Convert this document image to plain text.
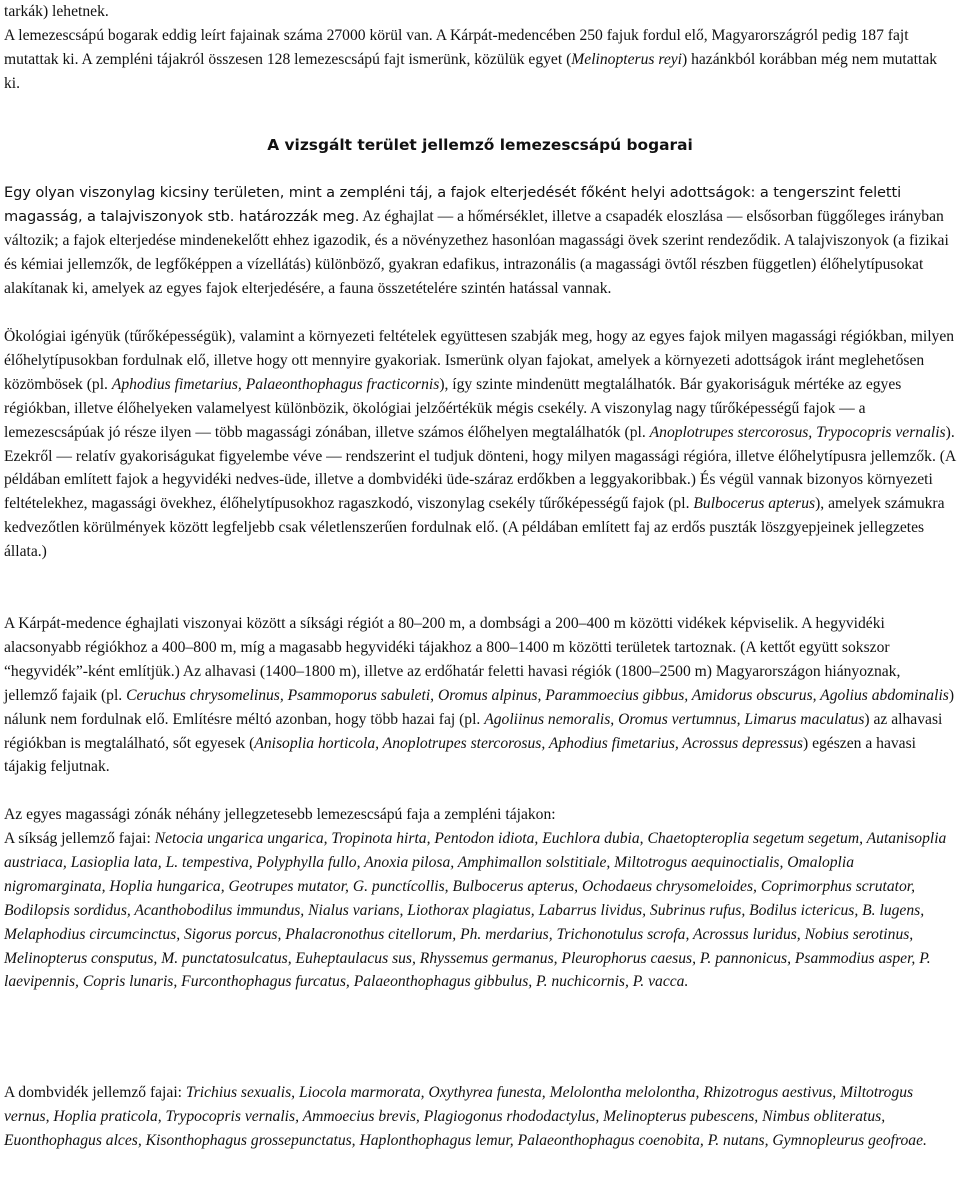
tarkák) lehetnek.
A lemezescsápú bogarak eddig leírt fajainak száma 27000 körül van. A Kárpát-medencében 250 fajuk fordul elő, Magyarországról pedig 187 fajt mutattak ki. A zempléni tájakról összesen 128 lemezescsápú fajt ismerünk, közülük egyet (Melinopterus reyi) hazánkból korábban még nem mutattak ki.
A vizsgált terület jellemző lemezescsápú bogarai
Egy olyan viszonylag kicsiny területen, mint a zempléni táj, a fajok elterjedését főként helyi adottságok: a tengerszint feletti magasság, a talajviszonyok stb. határozzák meg. Az éghajlat — a hőmérséklet, illetve a csapadék eloszlása — elsősorban függőleges irányban változik; a fajok elterjedése mindenekelőtt ehhez igazodik, és a növényzethez hasonlóan magassági övek szerint rendeződik. A talajviszonyok (a fizikai és kémiai jellemzők, de legfőképpen a vízellátás) különböző, gyakran edafikus, intrazonális (a magassági övtől részben független) élőhelytípusokat alakítanak ki, amelyek az egyes fajok elterjedésére, a fauna összetételére szintén hatással vannak.
Ökológiai igényük (tűrőképességük), valamint a környezeti feltételek együttesen szabják meg, hogy az egyes fajok milyen magassági régiókban, milyen élőhelytípusokban fordulnak elő, illetve hogy ott mennyire gyakoriak. Ismerünk olyan fajokat, amelyek a környezeti adottságok iránt meglehetősen közömbösek (pl. Aphodius fimetarius, Palaeonthophagus fracticornis), így szinte mindenütt megtalálhatók. Bár gyakoriságuk mértéke az egyes régiókban, illetve élőhelyeken valamelyest különbözik, ökológiai jelzőértékük mégis csekély. A viszonylag nagy tűrőképességű fajok — a lemezescsápúak jó része ilyen — több magassági zónában, illetve számos élőhelyen megtalálhatók (pl. Anoplotrupes stercorosus, Trypocopris vernalis). Ezekről — relatív gyakoriságukat figyelembe véve — rendszerint el tudjuk dönteni, hogy milyen magassági régióra, illetve élőhelytípusra jellemzők. (A példában említett fajok a hegyvidéki nedves-üde, illetve a dombvidéki üde-száraz erdőkben a leggyakoribbak.) És végül vannak bizonyos környezeti feltételekhez, magassági övekhez, élőhelytípusokhoz ragaszkodó, viszonylag csekély tűrőképességű fajok (pl. Bulbocerus apterus), amelyek számukra kedvezőtlen körülmények között legfeljebb csak véletlenszerűen fordulnak elő. (A példában említett faj az erdős puszták löszgyepjeinek jellegzetes állata.)
A Kárpát-medence éghajlati viszonyai között a síksági régiót a 80–200 m, a dombsági a 200–400 m közötti vidékek képviselik. A hegyvidéki alacsonyabb régiókhoz a 400–800 m, míg a magasabb hegyvidéki tájakhoz a 800–1400 m közötti területek tartoznak. (A kettőt együtt sokszor “hegyvidék”-ként említjük.) Az alhavasi (1400–1800 m), illetve az erdőhatár feletti havasi régiók (1800–2500 m) Magyarországon hiányoznak, jellemző fajaik (pl. Ceruchus chrysomelinus, Psammoporus sabuleti, Oromus alpinus, Parammoecius gibbus, Amidorus obscurus, Agolius abdominalis) nálunk nem fordulnak elő. Említésre méltó azonban, hogy több hazai faj (pl. Agoliinus nemoralis, Oromus vertumnus, Limarus maculatus) az alhavasi régiókban is megtalálható, sőt egyesek (Anisoplia horticola, Anoplotrupes stercorosus, Aphodius fimetarius, Acrossus depressus) egészen a havasi tájakig feljutnak.
Az egyes magassági zónák néhány jellegzetesebb lemezescsápú faja a zempléni tájakon:
A síkság jellemző fajai: Netocia ungarica ungarica, Tropinota hirta, Pentodon idiota, Euchlora dubia, Chaetopteroplia segetum segetum, Autanisoplia austriaca, Lasioplia lata, L. tempestiva, Polyphylla fullo, Anoxia pilosa, Amphimallon solstitiale, Miltotrogus aequinoctialis, Omaloplia nigromarginata, Hoplia hungarica, Geotrupes mutator, G. punctícollis, Bulbocerus apterus, Ochodaeus chrysomeloides, Coprimorphus scrutator, Bodilopsis sordidus, Acanthobodilus immundus, Nialus varians, Liothorax plagiatus, Labarrus lividus, Subrinus rufus, Bodilus ictericus, B. lugens, Melaphodius circumcinctus, Sigorus porcus, Phalacronothus citellorum, Ph. merdarius, Trichonotulus scrofa, Acrossus luridus, Nobius serotinus, Melinopterus consputus, M. punctatosulcatus, Euheptaulacus sus, Rhyssemus germanus, Pleurophorus caesus, P. pannonicus, Psammodius asper, P. laevipennis, Copris lunaris, Furconthophagus furcatus, Palaeonthophagus gibbulus, P. nuchicornis, P. vacca.
A dombvidék jellemző fajai: Trichius sexualis, Liocola marmorata, Oxythyrea funesta, Melolontha melolontha, Rhizotrogus aestivus, Miltotrogus vernus, Hoplia praticola, Trypocopris vernalis, Ammoecius brevis, Plagiogonus rhododactylus, Melinopterus pubescens, Nimbus obliteratus, Euonthophagus alces, Kisonthophagus grossepunctatus, Haplonthophagus lemur, Palaeonthophagus coenobita, P. nutans, Gymnopleurus geofroae.
